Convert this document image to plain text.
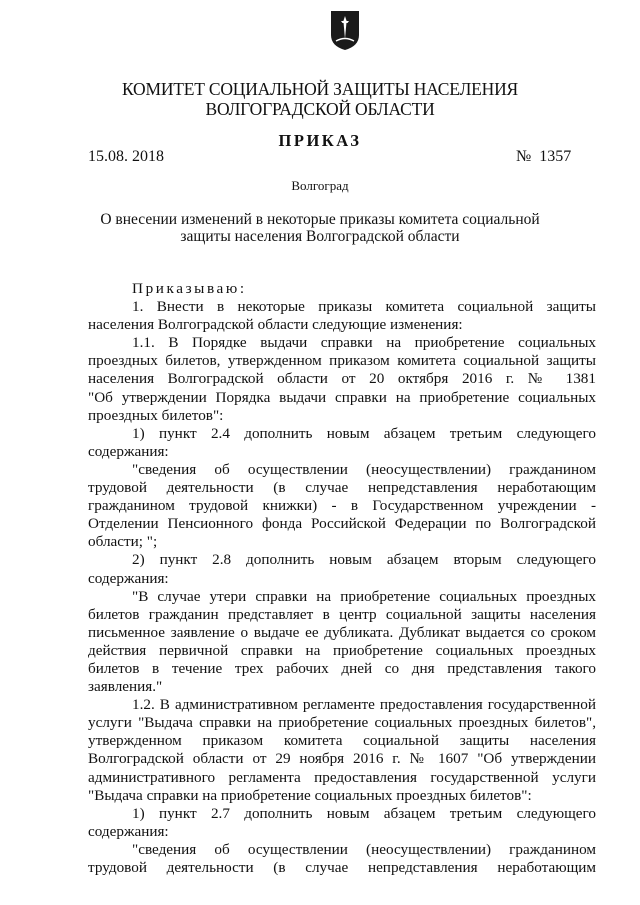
КОМИТЕТ СОЦИАЛЬНОЙ ЗАЩИТЫ НАСЕЛЕНИЯ
ВОЛГОГРАДСКОЙ ОБЛАСТИ
ПРИКАЗ
15.08. 2018	№ 1357
Волгоград
О внесении изменений в некоторые приказы комитета социальной
защиты населения Волгоградской области
Приказываю:
1. Внести в некоторые приказы комитета социальной защиты
населения Волгоградской области следующие изменения:
1.1. В Порядке выдачи справки на приобретение социальных
проездных билетов, утвержденном приказом комитета социальной защиты
населения Волгоградской области от 20 октября 2016 г. № 1381
"Об утверждении Порядка выдачи справки на приобретение социальных
проездных билетов":
1) пункт 2.4 дополнить новым абзацем третьим следующего
содержания:
"сведения об осуществлении (неосуществлении) гражданином
трудовой деятельности (в случае непредставления неработающим
гражданином трудовой книжки) - в Государственном учреждении -
Отделении Пенсионного фонда Российской Федерации по Волгоградской
области; ";
2) пункт 2.8 дополнить новым абзацем вторым следующего
содержания:
"В случае утери справки на приобретение социальных проездных
билетов гражданин представляет в центр социальной защиты населения
письменное заявление о выдаче ее дубликата. Дубликат выдается со сроком
действия первичной справки на приобретение социальных проездных
билетов в течение трех рабочих дней со дня представления такого
заявления."
1.2. В административном регламенте предоставления государственной
услуги "Выдача справки на приобретение социальных проездных билетов",
утвержденном приказом комитета социальной защиты населения
Волгоградской области от 29 ноября 2016 г. № 1607 "Об утверждении
административного регламента предоставления государственной услуги
"Выдача справки на приобретение социальных проездных билетов":
1) пункт 2.7 дополнить новым абзацем третьим следующего
содержания:
"сведения об осуществлении (неосуществлении) гражданином
трудовой деятельности (в случае непредставления неработающим
